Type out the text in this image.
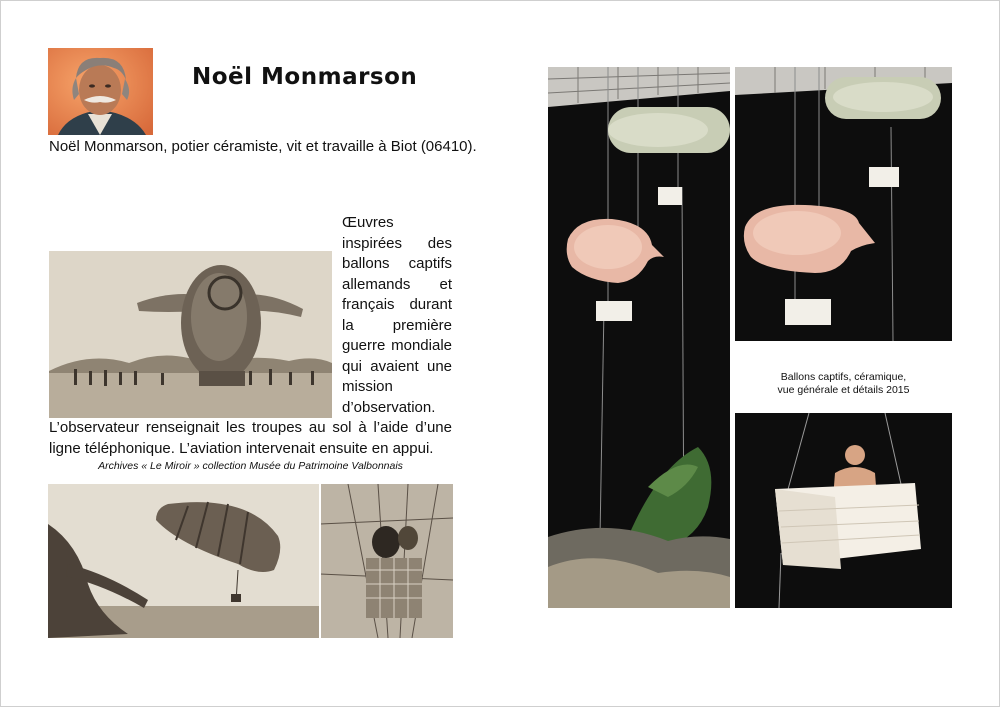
Noël Monmarson

Noël Monmarson, potier céramiste, vit et travaille à Biot (06410).

Œuvres inspirées des ballons captifs allemands et français durant la première guerre mondiale qui avaient une mission d’observation. L’observateur renseignait les troupes au sol à l’aide d’une ligne téléphonique. L’aviation intervenait ensuite en appui.

Archives « Le Miroir » collection Musée du Patrimoine Valbonnais

Ballons captifs, céramique,
vue générale et détails 2015
